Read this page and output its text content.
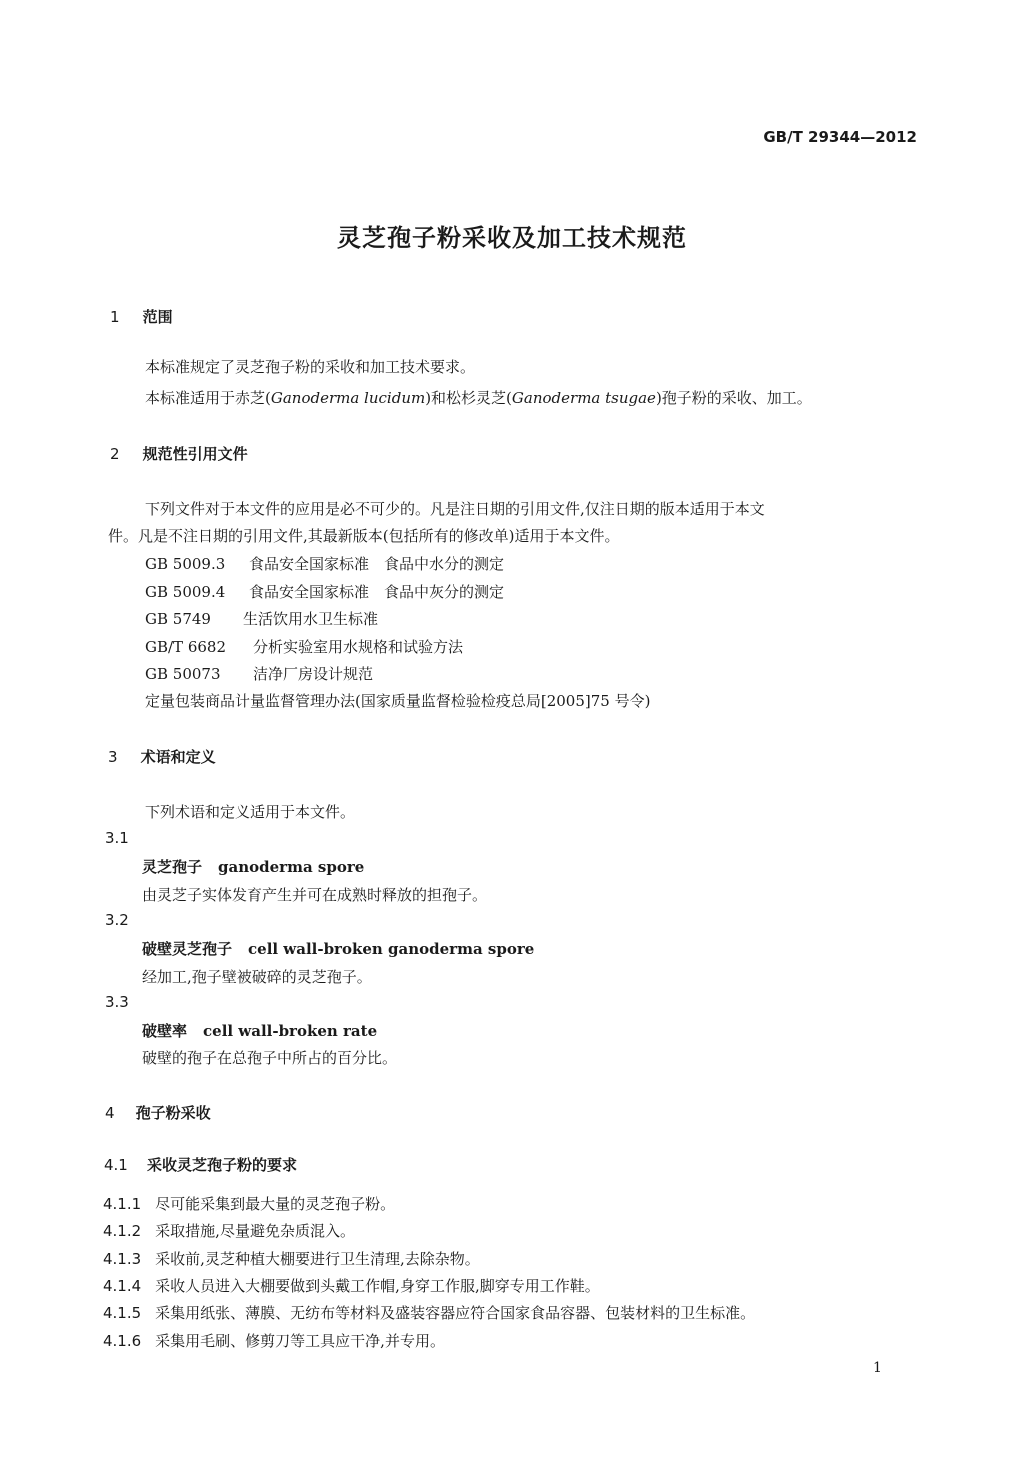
GB/T 29344—2012
灵芝孢子粉采收及加工技术规范
1 范围
本标准规定了灵芝孢子粉的采收和加工技术要求。
本标准适用于赤芝(Ganoderma lucidum)和松杉灵芝(Ganoderma tsugae)孢子粉的采收、加工。
2 规范性引用文件
下列文件对于本文件的应用是必不可少的。凡是注日期的引用文件,仅注日期的版本适用于本文
件。凡是不注日期的引用文件,其最新版本(包括所有的修改单)适用于本文件。
GB 5009.3 食品安全国家标准　食品中水分的测定
GB 5009.4 食品安全国家标准　食品中灰分的测定
GB 5749 生活饮用水卫生标准
GB/T 6682 分析实验室用水规格和试验方法
GB 50073 洁净厂房设计规范
定量包装商品计量监督管理办法(国家质量监督检验检疫总局[2005]75 号令)
3 术语和定义
下列术语和定义适用于本文件。
3.1
灵芝孢子 ganoderma spore
由灵芝子实体发育产生并可在成熟时释放的担孢子。
3.2
破壁灵芝孢子 cell wall-broken ganoderma spore
经加工,孢子壁被破碎的灵芝孢子。
3.3
破壁率 cell wall-broken rate
破壁的孢子在总孢子中所占的百分比。
4 孢子粉采收
4.1 采收灵芝孢子粉的要求
4.1.1 尽可能采集到最大量的灵芝孢子粉。
4.1.2 采取措施,尽量避免杂质混入。
4.1.3 采收前,灵芝种植大棚要进行卫生清理,去除杂物。
4.1.4 采收人员进入大棚要做到头戴工作帽,身穿工作服,脚穿专用工作鞋。
4.1.5 采集用纸张、薄膜、无纺布等材料及盛装容器应符合国家食品容器、包装材料的卫生标准。
4.1.6 采集用毛刷、修剪刀等工具应干净,并专用。
1
